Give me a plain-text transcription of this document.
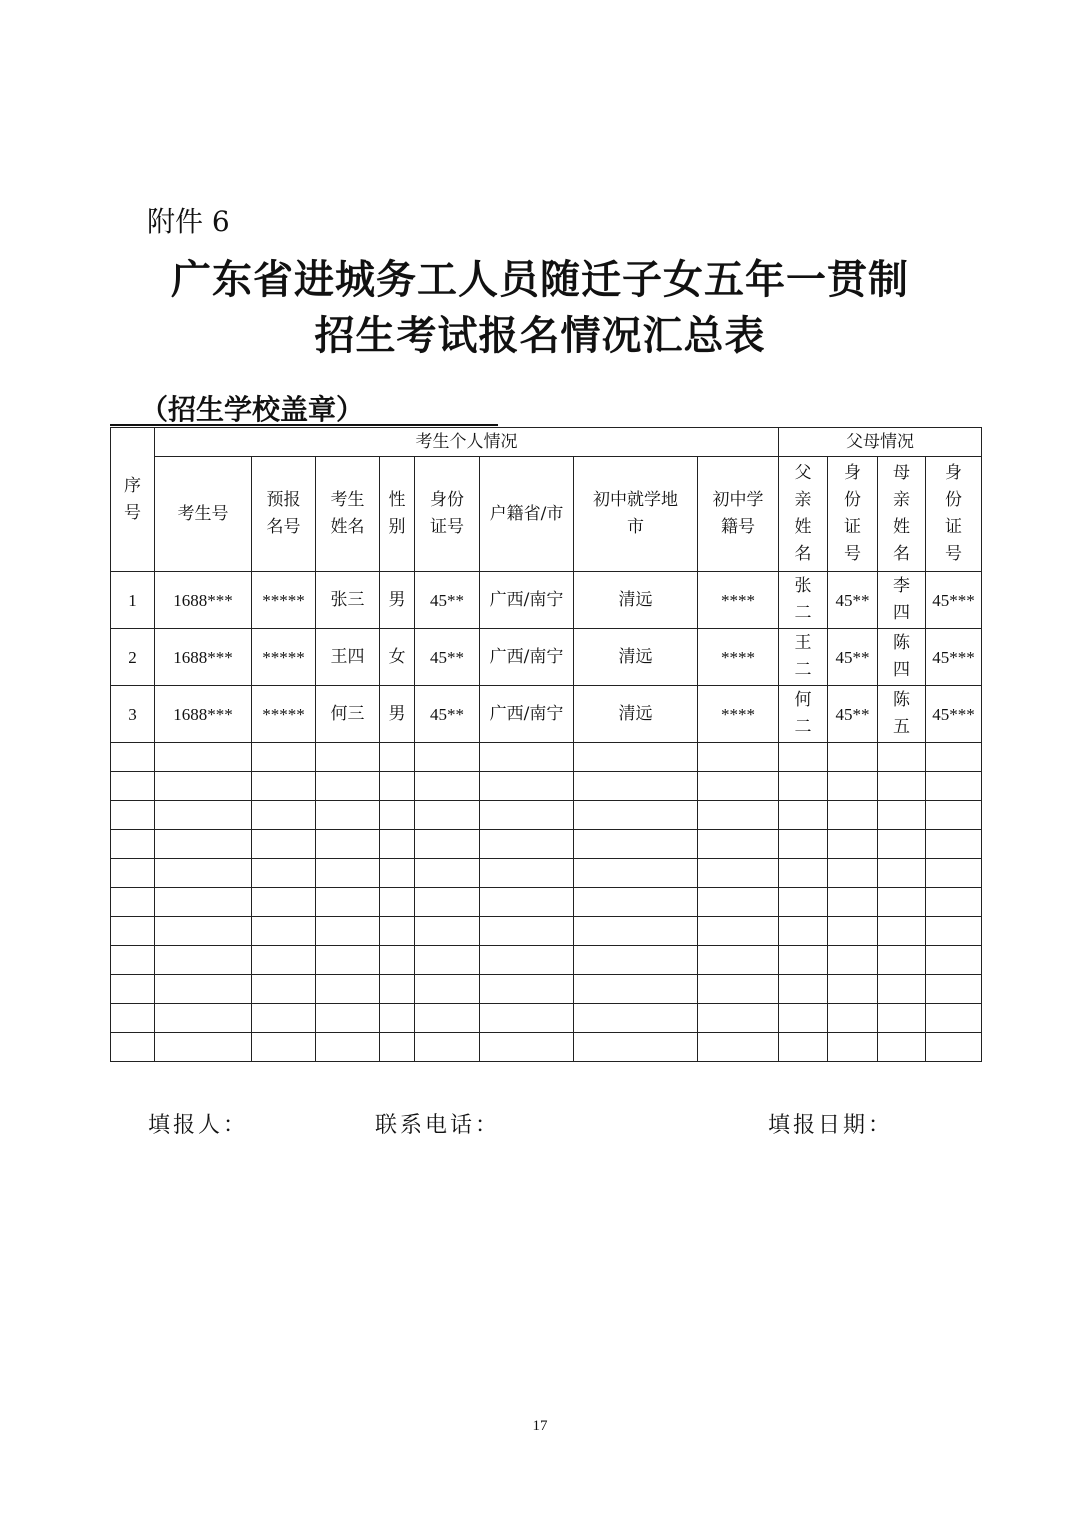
附件 6
广东省进城务工人员随迁子女五年一贯制
招生考试报名情况汇总表
（招生学校盖章）
序号	考生个人情况								父母情况			
	考生号	预报名号	考生姓名	性别	身份证号	户籍省/市	初中就学地市	初中学籍号	父亲姓名	身份证号	母亲姓名	身份证号
1	1688***	*****	张三	男	45**	广西/南宁	清远	****	张二	45**	李四	45***
2	1688***	*****	王四	女	45**	广西/南宁	清远	****	王二	45**	陈四	45***
3	1688***	*****	何三	男	45**	广西/南宁	清远	****	何二	45**	陈五	45***

填报人：	联系电话：	填报日期：
17
